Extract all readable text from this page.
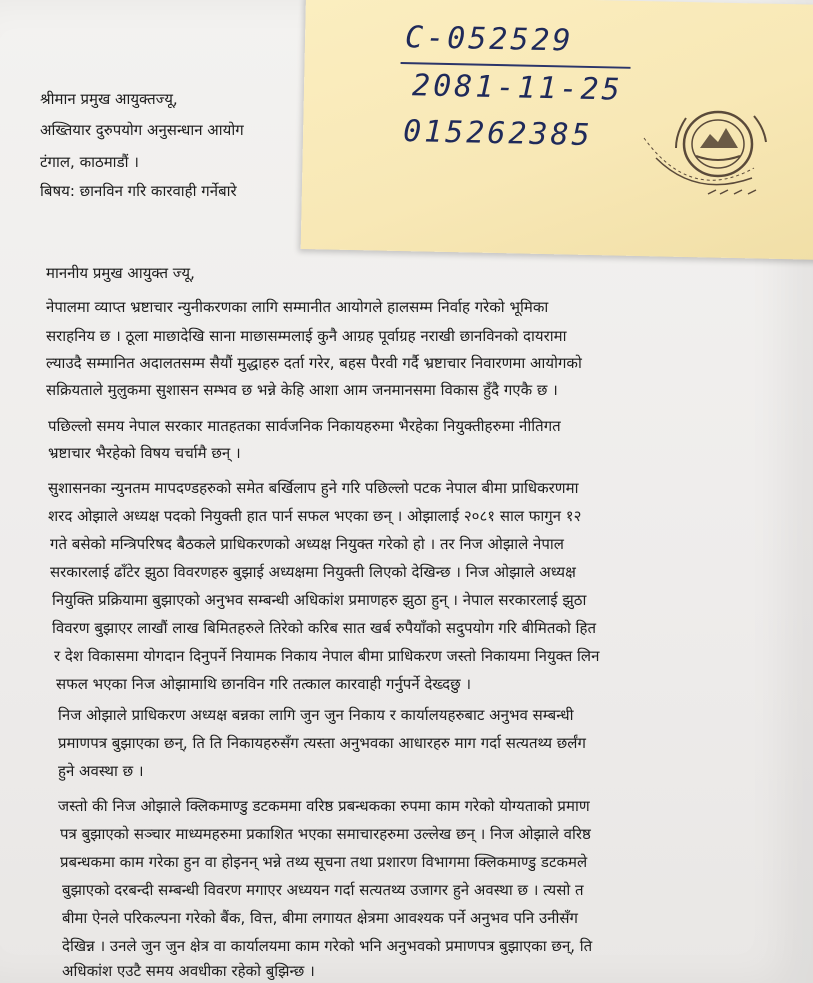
श्रीमान प्रमुख आयुक्तज्यू,
अख्तियार दुरुपयोग अनुसन्धान आयोग
टंगाल, काठमाडौं ।
बिषय: छानविन गरि कारवाही गर्नेबारे
C-052529
2081-11-25
015262385
माननीय प्रमुख आयुक्त ज्यू,
नेपालमा व्याप्त भ्रष्टाचार न्युनीकरणका लागि सम्मानीत आयोगले हालसम्म निर्वाह गरेको भूमिका
सराहनिय छ । ठूला माछादेखि साना माछासम्मलाई कुनै आग्रह पूर्वाग्रह नराखी छानविनको दायरामा
ल्याउदै सम्मानित अदालतसम्म सैयौं मुद्धाहरु दर्ता गरेर, बहस पैरवी गर्दै भ्रष्टाचार निवारणमा आयोगको
सक्रियताले मुलुकमा सुशासन सम्भव छ भन्ने केहि आशा आम जनमानसमा विकास हुँदै गएकै छ ।
पछिल्लो समय नेपाल सरकार मातहतका सार्वजनिक निकायहरुमा भैरहेका नियुक्तीहरुमा नीतिगत
भ्रष्टाचार भैरहेको विषय चर्चामै छन् ।
सुशासनका न्युनतम मापदण्डहरुको समेत बर्खिलाप हुने गरि पछिल्लो पटक नेपाल बीमा प्राधिकरणमा
शरद ओझाले अध्यक्ष पदको नियुक्ती हात पार्न सफल भएका छन् । ओझालाई २०८१ साल फागुन १२
गते बसेको मन्त्रिपरिषद बैठकले प्राधिकरणको अध्यक्ष नियुक्त गरेको हो । तर निज ओझाले नेपाल
सरकारलाई ढाँटेर झुठा विवरणहरु बुझाई अध्यक्षमा नियुक्ती लिएको देखिन्छ । निज ओझाले अध्यक्ष
नियुक्ति प्रक्रियामा बुझाएको अनुभव सम्बन्धी अधिकांश प्रमाणहरु झुठा हुन् । नेपाल सरकारलाई झुठा
विवरण बुझाएर लाखौं लाख बिमितहरुले तिरेको करिब सात खर्ब रुपैयाँको सदुपयोग गरि बीमितको हित
र देश विकासमा योगदान दिनुपर्ने नियामक निकाय नेपाल बीमा प्राधिकरण जस्तो निकायमा नियुक्त लिन
सफल भएका निज ओझामाथि छानविन गरि तत्काल कारवाही गर्नुपर्ने देख्दछु ।
निज ओझाले प्राधिकरण अध्यक्ष बन्नका लागि जुन जुन निकाय र कार्यालयहरुबाट अनुभव सम्बन्धी
प्रमाणपत्र बुझाएका छन्, ति ति निकायहरुसँग त्यस्ता अनुभवका आधारहरु माग गर्दा सत्यतथ्य छर्लंग
हुने अवस्था छ ।
जस्तो की निज ओझाले क्लिकमाण्डु डटकममा वरिष्ठ प्रबन्धकका रुपमा काम गरेको योग्यताको प्रमाण
पत्र बुझाएको सञ्चार माध्यमहरुमा प्रकाशित भएका समाचारहरुमा उल्लेख छन् । निज ओझाले वरिष्ठ
प्रबन्धकमा काम गरेका हुन वा होइनन् भन्ने तथ्य सूचना तथा प्रशारण विभागमा क्लिकमाण्डु डटकमले
बुझाएको दरबन्दी सम्बन्धी विवरण मगाएर अध्ययन गर्दा सत्यतथ्य उजागर हुने अवस्था छ । त्यसो त
बीमा ऐनले परिकल्पना गरेको बैंक, वित्त, बीमा लगायत क्षेत्रमा आवश्यक पर्ने अनुभव पनि उनीसँग
देखिन्न । उनले जुन जुन क्षेत्र वा कार्यालयमा काम गरेको भनि अनुभवको प्रमाणपत्र बुझाएका छन्, ति
अधिकांश एउटै समय अवधीका रहेको बुझिन्छ ।
